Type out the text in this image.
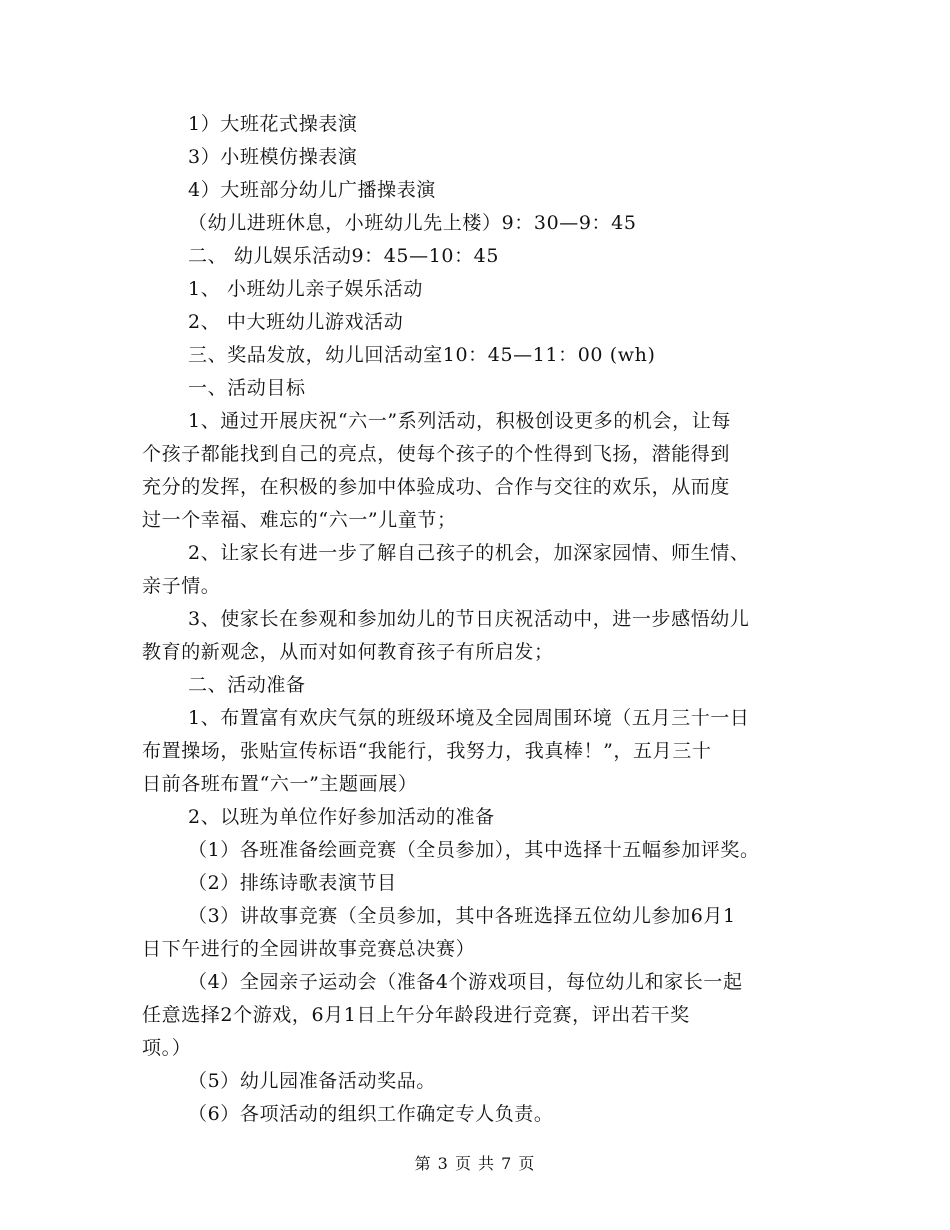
1）大班花式操表演
3）小班模仿操表演
4）大班部分幼儿广播操表演
（幼儿进班休息，小班幼儿先上楼）9：30—9：45
二、 幼儿娱乐活动9：45—10：45
1、 小班幼儿亲子娱乐活动
2、 中大班幼儿游戏活动
三、奖品发放，幼儿回活动室10：45—11：00 (wh)
一、活动目标
1、通过开展庆祝“六一”系列活动，积极创设更多的机会，让每
个孩子都能找到自己的亮点，使每个孩子的个性得到飞扬，潜能得到
充分的发挥，在积极的参加中体验成功、合作与交往的欢乐，从而度
过一个幸福、难忘的“六一”儿童节；
2、让家长有进一步了解自己孩子的机会，加深家园情、师生情、
亲子情。
3、使家长在参观和参加幼儿的节日庆祝活动中，进一步感悟幼儿
教育的新观念，从而对如何教育孩子有所启发；
二、活动准备
1、布置富有欢庆气氛的班级环境及全园周围环境（五月三十一日
布置操场，张贴宣传标语“我能行，我努力，我真棒！”，五月三十
日前各班布置“六一”主题画展）
2、以班为单位作好参加活动的准备
（1）各班准备绘画竞赛（全员参加），其中选择十五幅参加评奖。
（2）排练诗歌表演节目
（3）讲故事竞赛（全员参加，其中各班选择五位幼儿参加6月1
日下午进行的全园讲故事竞赛总决赛）
（4）全园亲子运动会（准备4个游戏项目，每位幼儿和家长一起
任意选择2个游戏，6月1日上午分年龄段进行竞赛，评出若干奖
项。）
（5）幼儿园准备活动奖品。
（6）各项活动的组织工作确定专人负责。
第 3 页 共 7 页
